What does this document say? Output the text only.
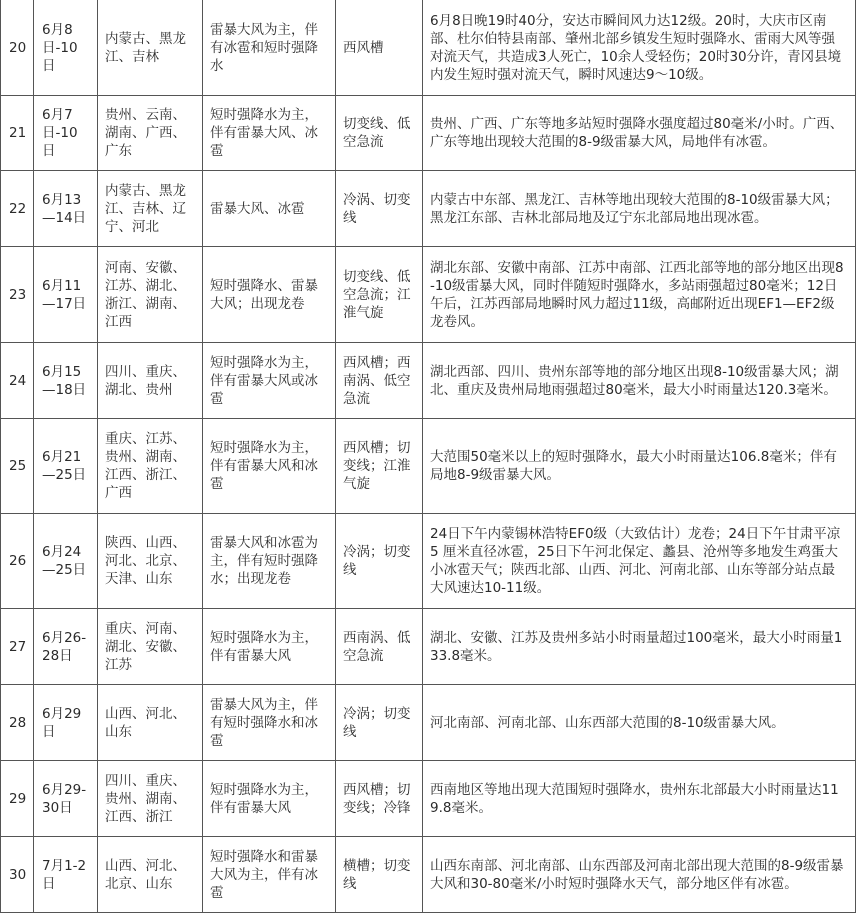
20	6月8日-10日	内蒙古、黑龙江、吉林	雷暴大风为主，伴有冰雹和短时强降水	西风槽	6月8日晚19时40分，安达市瞬间风力达12级。20时，大庆市区南部、杜尔伯特县南部、肇州北部乡镇发生短时强降水、雷雨大风等强对流天气，共造成3人死亡，10余人受轻伤；20时30分许，青冈县境内发生短时强对流天气，瞬时风速达9～10级。
21	6月7日-10日	贵州、云南、湖南、广西、广东	短时强降水为主，伴有雷暴大风、冰雹	切变线、低空急流	贵州、广西、广东等地多站短时强降水强度超过80毫米/小时。广西、广东等地出现较大范围的8-9级雷暴大风，局地伴有冰雹。
22	6月13—14日	内蒙古、黑龙江、吉林、辽宁、河北	雷暴大风、冰雹	冷涡、切变线	内蒙古中东部、黑龙江、吉林等地出现较大范围的8-10级雷暴大风；黑龙江东部、吉林北部局地及辽宁东北部局地出现冰雹。
23	6月11—17日	河南、安徽、江苏、湖北、浙江、湖南、江西	短时强降水、雷暴大风；出现龙卷	切变线、低空急流；江淮气旋	湖北东部、安徽中南部、江苏中南部、江西北部等地的部分地区出现8-10级雷暴大风，同时伴随短时强降水，多站雨强超过80毫米；12日午后，江苏西部局地瞬时风力超过11级，高邮附近出现EF1—EF2级龙卷风。
24	6月15—18日	四川、重庆、湖北、贵州	短时强降水为主，伴有雷暴大风或冰雹	西风槽；西南涡、低空急流	湖北西部、四川、贵州东部等地的部分地区出现8-10级雷暴大风；湖北、重庆及贵州局地雨强超过80毫米，最大小时雨量达120.3毫米。
25	6月21—25日	重庆、江苏、贵州、湖南、江西、浙江、广西	短时强降水为主，伴有雷暴大风和冰雹	西风槽；切变线；江淮气旋	大范围50毫米以上的短时强降水，最大小时雨量达106.8毫米；伴有局地8-9级雷暴大风。
26	6月24—25日	陕西、山西、河北、北京、天津、山东	雷暴大风和冰雹为主，伴有短时强降水；出现龙卷	冷涡；切变线	24日下午内蒙锡林浩特EF0级（大致估计）龙卷；24日下午甘肃平凉5 厘米直径冰雹，25日下午河北保定、蠡县、沧州等多地发生鸡蛋大小冰雹天气；陕西北部、山西、河北、河南北部、山东等部分站点最大风速达10-11级。
27	6月26-28日	重庆、河南、湖北、安徽、江苏	短时强降水为主，伴有雷暴大风	西南涡、低空急流	湖北、安徽、江苏及贵州多站小时雨量超过100毫米，最大小时雨量133.8毫米。
28	6月29日	山西、河北、山东	雷暴大风为主，伴有短时强降水和冰雹	冷涡；切变线	河北南部、河南北部、山东西部大范围的8-10级雷暴大风。
29	6月29-30日	四川、重庆、贵州、湖南、江西、浙江	短时强降水为主，伴有雷暴大风	西风槽；切变线；冷锋	西南地区等地出现大范围短时强降水，贵州东北部最大小时雨量达119.8毫米。
30	7月1-2日	山西、河北、北京、山东	短时强降水和雷暴大风为主，伴有冰雹	横槽；切变线	山西东南部、河北南部、山东西部及河南北部出现大范围的8-9级雷暴大风和30-80毫米/小时短时强降水天气，部分地区伴有冰雹。
